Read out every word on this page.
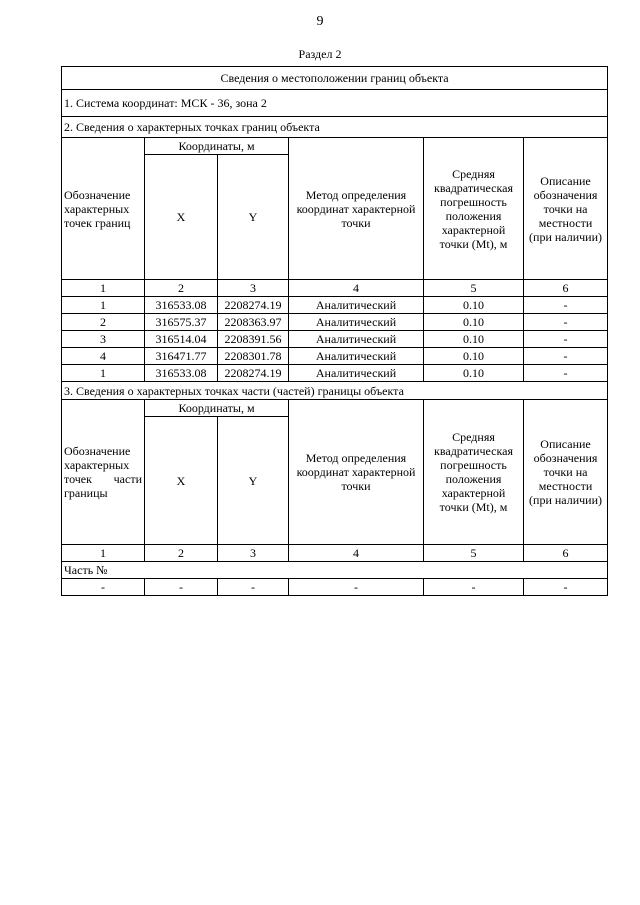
9
Раздел 2
Сведения о местоположении границ объекта					
1. Система координат: МСК - 36, зона 2					
2. Сведения о характерных точках границ объекта					
Обозначение характерных точек границ	Координаты, м		Метод определения координат характерной точки	Средняя квадратическая погрешность положения характерной точки (Mt), м	Описание обозначения точки на местности (при наличии)
	X	Y			
1	2	3	4	5	6
1	316533.08	2208274.19	Аналитический	0.10	-
2	316575.37	2208363.97	Аналитический	0.10	-
3	316514.04	2208391.56	Аналитический	0.10	-
4	316471.77	2208301.78	Аналитический	0.10	-
1	316533.08	2208274.19	Аналитический	0.10	-
3. Сведения о характерных точках части (частей) границы объекта					
Обозначение характерных точек части границы	Координаты, м		Метод определения координат характерной точки	Средняя квадратическая погрешность положения характерной точки (Mt), м	Описание обозначения точки на местности (при наличии)
	X	Y			
1	2	3	4	5	6
Часть №					
-	-	-	-	-	-
